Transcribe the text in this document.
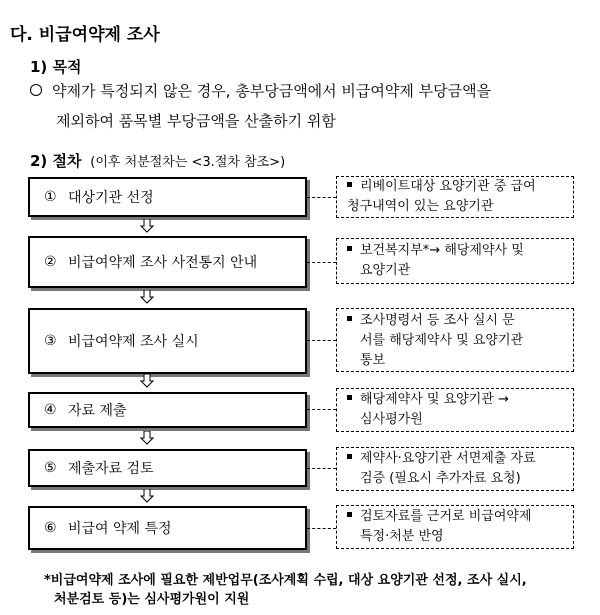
다. 비급여약제 조사
1) 목적
약제가 특정되지 않은 경우, 총부당금액에서 비급여약제 부당금액을
제외하여 품목별 부당금액을 산출하기 위함
2) 절차 (이후 처분절차는 <3.절차 참조>)
① 대상기관 선정
리베이트대상 요양기관 중 급여
청구내역이 있는 요양기관
② 비급여약제 조사 사전통지 안내
보건복지부*→ 해당제약사 및
요양기관
③ 비급여약제 조사 실시
조사명령서 등 조사 실시 문
서를 해당제약사 및 요양기관
통보
④ 자료 제출
해당제약사 및 요양기관 →
심사평가원
⑤ 제출자료 검토
제약사·요양기관 서면제출 자료
검증 (필요시 추가자료 요청)
⑥ 비급여 약제 특정
검토자료를 근거로 비급여약제
특정·처분 반영
*비급여약제 조사에 필요한 제반업무(조사계획 수립, 대상 요양기관 선정, 조사 실시,
처분검토 등)는 심사평가원이 지원
